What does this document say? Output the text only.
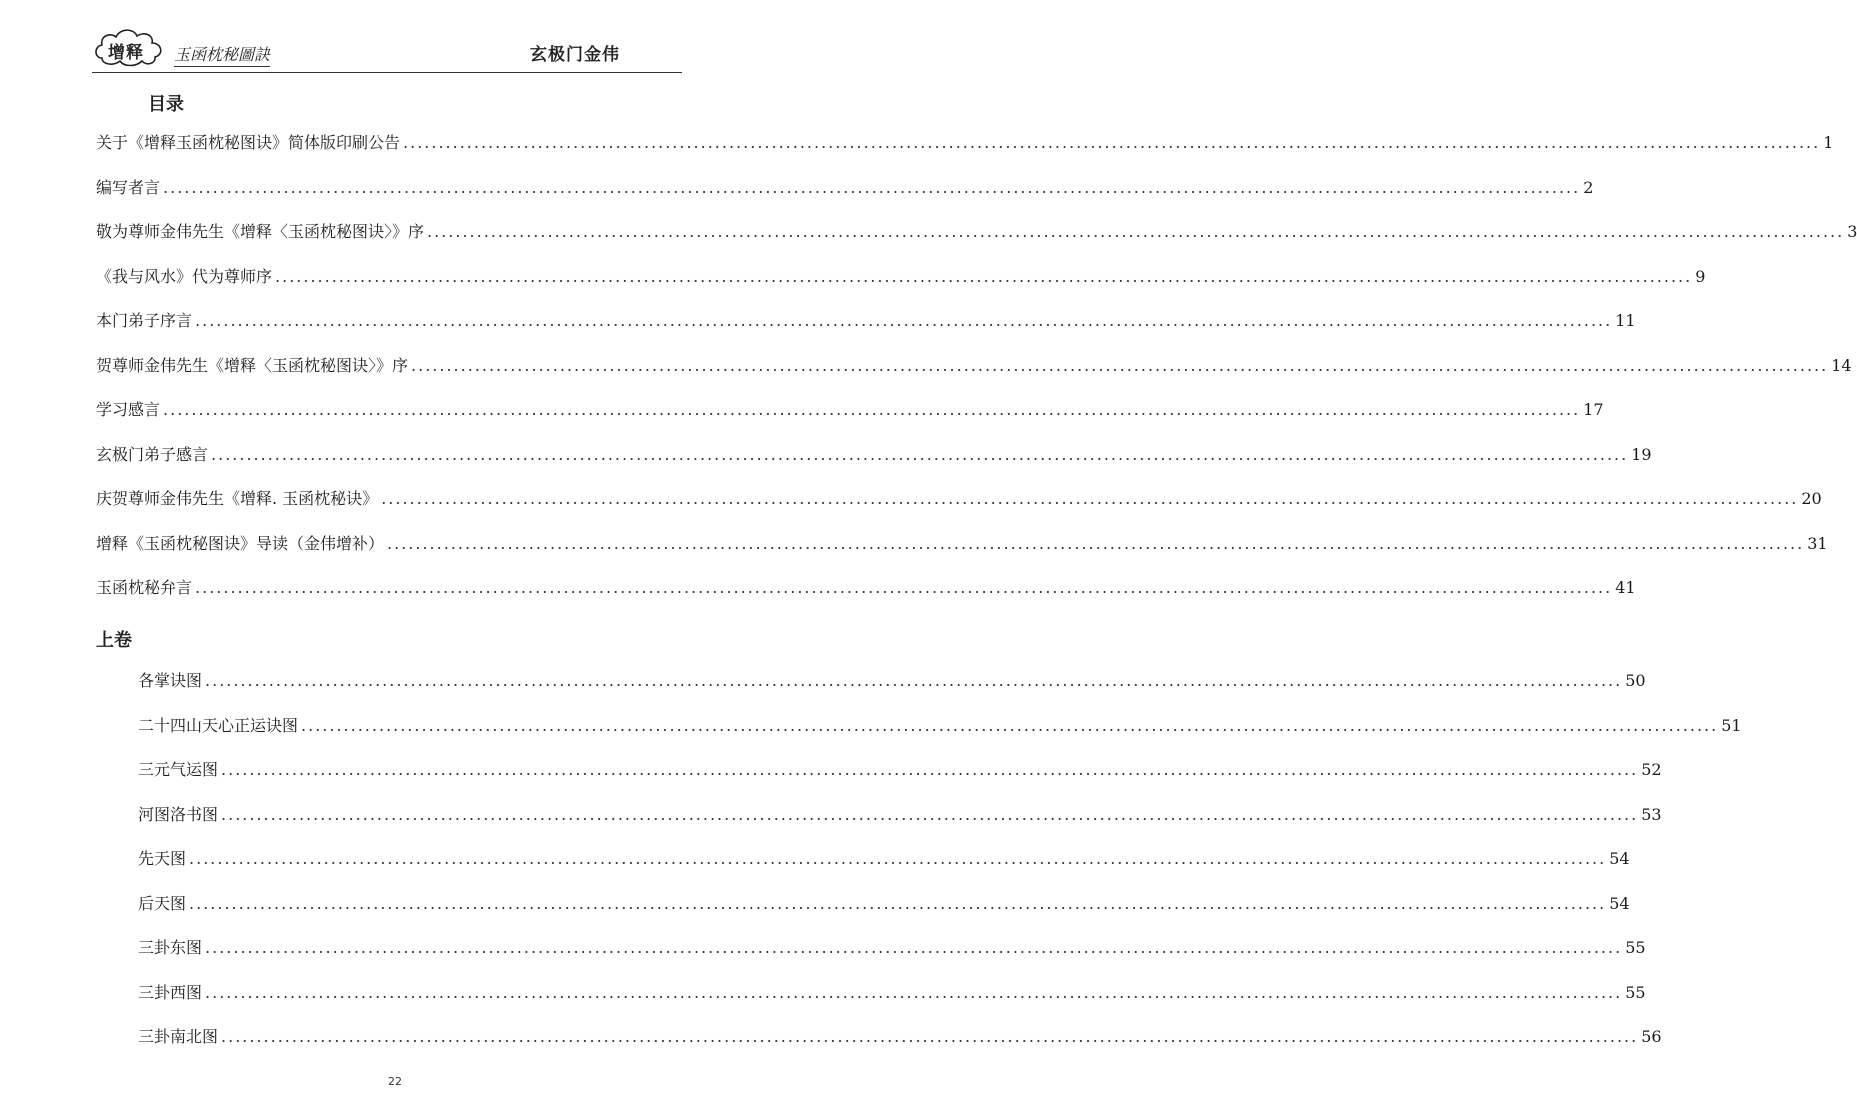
增释 玉函枕秘圖訣	玄极门金伟
目录
关于《增释玉函枕秘图诀》简体版印刷公告 ........................................................................................................................................................................................................ 1
编写者言 ........................................................................................................................................................................................................ 2
敬为尊师金伟先生《增释〈玉函枕秘图诀〉》序 ........................................................................................................................................................................................................ 3
《我与风水》代为尊师序 ........................................................................................................................................................................................................ 9
本门弟子序言 ........................................................................................................................................................................................................ 11
贺尊师金伟先生《增释〈玉函枕秘图诀〉》序 ........................................................................................................................................................................................................ 14
学习感言 ........................................................................................................................................................................................................ 17
玄极门弟子感言 ........................................................................................................................................................................................................ 19
庆贺尊师金伟先生《增释. 玉函枕秘诀》 ........................................................................................................................................................................................................ 20
增释《玉函枕秘图诀》导读（金伟增补） ........................................................................................................................................................................................................ 31
玉函枕秘弁言 ........................................................................................................................................................................................................ 41
上卷
各掌诀图 ........................................................................................................................................................................................................ 50
二十四山天心正运诀图 ........................................................................................................................................................................................................ 51
三元气运图 ........................................................................................................................................................................................................ 52
河图洛书图 ........................................................................................................................................................................................................ 53
先天图 ........................................................................................................................................................................................................ 54
后天图 ........................................................................................................................................................................................................ 54
三卦东图 ........................................................................................................................................................................................................ 55
三卦西图 ........................................................................................................................................................................................................ 55
三卦南北图 ........................................................................................................................................................................................................ 56
22
